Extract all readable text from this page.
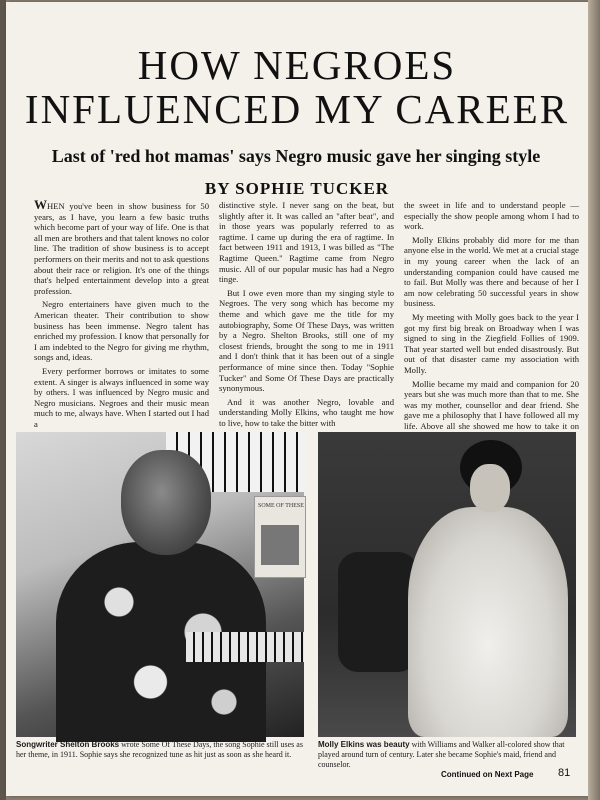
HOW NEGROES
INFLUENCED MY CAREER
Last of 'red hot mamas' says Negro music gave her singing style
BY SOPHIE TUCKER

WHEN you've been in show business for 50 years, as I have, you learn a few basic truths which become part of your way of life. One is that all men are brothers and that talent knows no color line. The tradition of show business is to accept performers on their merits and not to ask questions about their race or religion. It's one of the things that's helped entertainment develop into a great profession.

Negro entertainers have given much to the American theater. Their contribution to show business has been immense. Negro talent has enriched my profession. I know that personally for I am indebted to the Negro for giving me rhythm, songs and, ideas.

Every performer borrows or imitates to some extent. A singer is always influenced in some way by others. I was influenced by Negro music and Negro musicians. Negroes and their music mean much to me, always have. When I started out I had a

distinctive style. I never sang on the beat, but slightly after it. It was called an "after beat", and in those years was popularly referred to as ragtime. I came up during the era of ragtime. In fact between 1911 and 1913, I was billed as "The Ragtime Queen." Ragtime came from Negro music. All of our popular music has had a Negro tinge.

But I owe even more than my singing style to Negroes. The very song which has become my theme and which gave me the title for my autobiography, Some Of These Days, was written by a Negro. Shelton Brooks, still one of my closest friends, brought the song to me in 1911 and I don't think that it has been out of a single performance of mine since then. Today "Sophie Tucker" and Some Of These Days are practically synonymous.

And it was another Negro, lovable and understanding Molly Elkins, who taught me how to live, how to take the bitter with

the sweet in life and to understand people —especially the show people among whom I had to work.

Molly Elkins probably did more for me than anyone else in the world. We met at a crucial stage in my young career when the lack of an understanding companion could have caused me to fail. But Molly was there and because of her I am now celebrating 50 successful years in show business.

My meeting with Molly goes back to the year I got my first big break on Broadway when I was signed to sing in the Ziegfield Follies of 1909. That year started well but ended disastrously. But out of that disaster came my association with Molly.

Mollie became my maid and companion for 20 years but she was much more than that to me. She was my mother, counsellor and dear friend. She gave me a philosophy that I have followed all my life. Above all she showed me how to take it on

SOME OF THESE
Songwriter Shelton Brooks wrote Some Of These Days, the song Sophie still uses as her theme, in 1911. Sophie says she recognized tune as hit just as soon as she heard it.
Molly Elkins was beauty with Williams and Walker all-colored show that played around turn of century. Later she became Sophie's maid, friend and counselor.
Continued on Next Page 81
